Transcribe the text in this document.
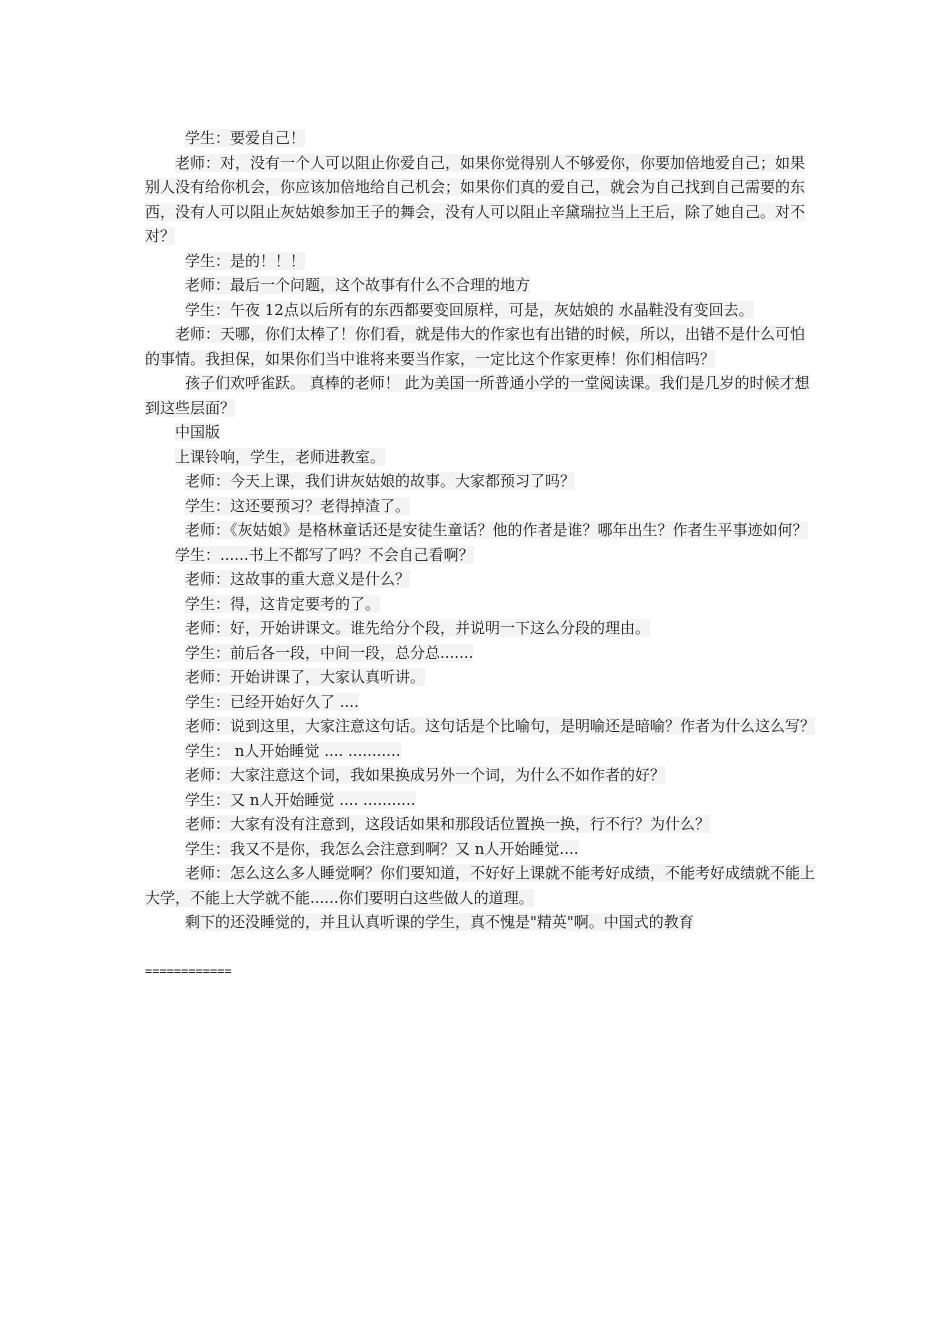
学生：要爱自己！

老师：对，没有一个人可以阻止你爱自己，如果你觉得别人不够爱你，你要加倍地爱自己；如果别人没有给你机会，你应该加倍地给自己机会；如果你们真的爱自己，就会为自己找到自己需要的东西，没有人可以阻止灰姑娘参加王子的舞会，没有人可以阻止辛黛瑞拉当上王后，除了她自己。对不对？

学生：是的！！！

老师：最后一个问题，这个故事有什么不合理的地方

学生：午夜 12点以后所有的东西都要变回原样，可是，灰姑娘的 水晶鞋没有变回去。

老师：天哪，你们太棒了！你们看，就是伟大的作家也有出错的时候，所以，出错不是什么可怕的事情。我担保，如果你们当中谁将来要当作家，一定比这个作家更棒！你们相信吗？

孩子们欢呼雀跃。 真棒的老师！ 此为美国一所普通小学的一堂阅读课。我们是几岁的时候才想到这些层面？

中国版

上课铃响，学生，老师进教室。

老师：今天上课，我们讲灰姑娘的故事。大家都预习了吗？

学生：这还要预习？老得掉渣了。

老师：《灰姑娘》是格林童话还是安徒生童话？他的作者是谁？哪年出生？作者生平事迹如何？

学生：......书上不都写了吗？不会自己看啊？

老师：这故事的重大意义是什么？

学生：得，这肯定要考的了。

老师：好，开始讲课文。谁先给分个段，并说明一下这么分段的理由。

学生：前后各一段，中间一段，总分总.......

老师：开始讲课了，大家认真听讲。

学生：已经开始好久了 ....

老师：说到这里，大家注意这句话。这句话是个比喻句，是明喻还是暗喻？作者为什么这么写？

学生： n人开始睡觉 .... ...........

老师：大家注意这个词，我如果换成另外一个词，为什么不如作者的好？

学生：又 n人开始睡觉 .... ...........

老师：大家有没有注意到，这段话如果和那段话位置换一换，行不行？为什么？

学生：我又不是你，我怎么会注意到啊？又 n人开始睡觉....

老师：怎么这么多人睡觉啊？你们要知道，不好好上课就不能考好成绩，不能考好成绩就不能上大学，不能上大学就不能......你们要明白这些做人的道理。

剩下的还没睡觉的，并且认真听课的学生，真不愧是"精英"啊。中国式的教育

============
